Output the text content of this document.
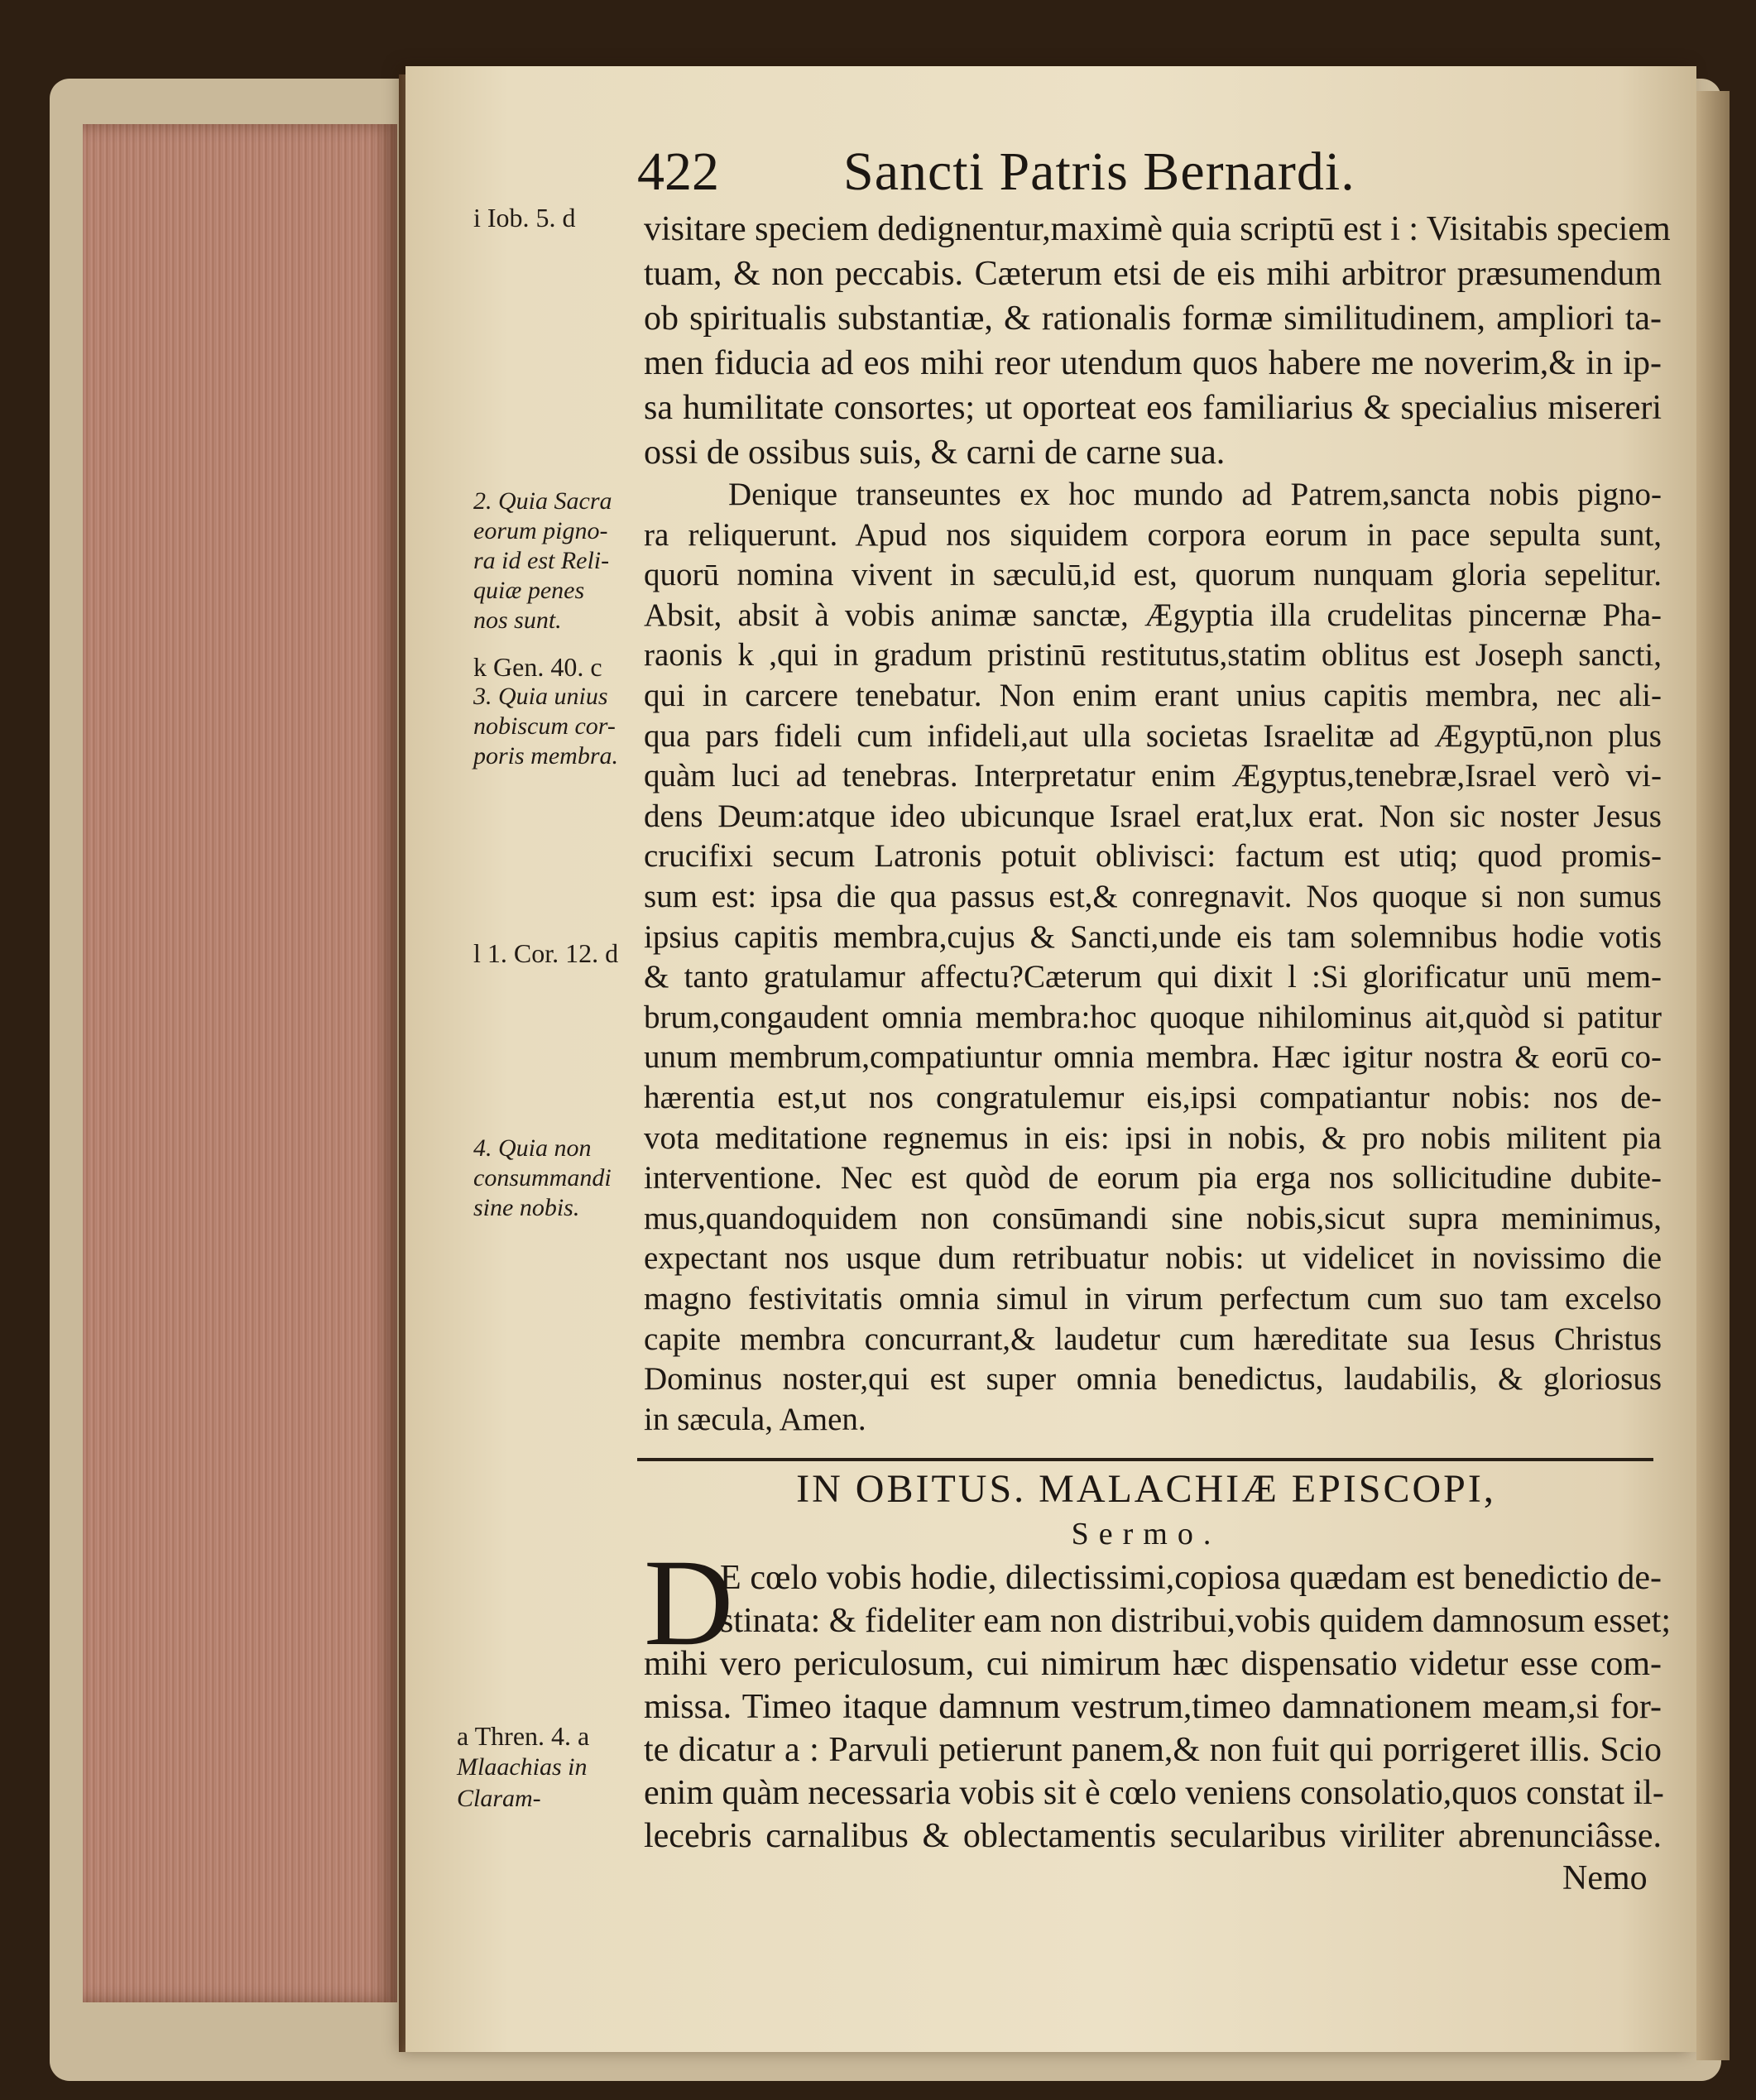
422 Sancti Patris Bernardi.
visitare speciem dedignentur,maximè quia scriptū est i : Visitabis speciem
tuam, & non peccabis. Cæterum etsi de eis mihi arbitror præsumendum
ob spiritualis substantiæ, & rationalis formæ similitudinem, ampliori ta-
men fiducia ad eos mihi reor utendum quos habere me noverim,& in ip-
sa humilitate consortes; ut oporteat eos familiarius & specialius misereri
ossi de ossibus suis, & carni de carne sua.
Denique transeuntes ex hoc mundo ad Patrem,sancta nobis pigno-
ra reliquerunt. Apud nos siquidem corpora eorum in pace sepulta sunt,
quorū nomina vivent in sæculū,id est, quorum nunquam gloria sepelitur.
Absit, absit à vobis animæ sanctæ, Ægyptia illa crudelitas pincernæ Pha-
raonis k ,qui in gradum pristinū restitutus,statim oblitus est Joseph sancti,
qui in carcere tenebatur. Non enim erant unius capitis membra, nec ali-
qua pars fideli cum infideli,aut ulla societas Israelitæ ad Ægyptū,non plus
quàm luci ad tenebras. Interpretatur enim Ægyptus,tenebræ,Israel verò vi-
dens Deum:atque ideo ubicunque Israel erat,lux erat. Non sic noster Jesus
crucifixi secum Latronis potuit oblivisci: factum est utiq; quod promis-
sum est: ipsa die qua passus est,& conregnavit. Nos quoque si non sumus
ipsius capitis membra,cujus & Sancti,unde eis tam solemnibus hodie votis
& tanto gratulamur affectu?Cæterum qui dixit l :Si glorificatur unū mem-
brum,congaudent omnia membra:hoc quoque nihilominus ait,quòd si patitur
unum membrum,compatiuntur omnia membra. Hæc igitur nostra & eorū co-
hærentia est,ut nos congratulemur eis,ipsi compatiantur nobis: nos de-
vota meditatione regnemus in eis: ipsi in nobis, & pro nobis militent pia
interventione. Nec est quòd de eorum pia erga nos sollicitudine dubite-
mus,quandoquidem non consūmandi sine nobis,sicut supra meminimus,
expectant nos usque dum retribuatur nobis: ut videlicet in novissimo die
magno festivitatis omnia simul in virum perfectum cum suo tam excelso
capite membra concurrant,& laudetur cum hæreditate sua Iesus Christus
Dominus noster,qui est super omnia benedictus, laudabilis, & gloriosus
in sæcula, Amen.
IN OBITUS. MALACHIÆ EPISCOPI,
Sermo.
D
E cœlo vobis hodie, dilectissimi,copiosa quædam est benedictio de-
stinata: & fideliter eam non distribui,vobis quidem damnosum esset;
mihi vero periculosum, cui nimirum hæc dispensatio videtur esse com-
missa. Timeo itaque damnum vestrum,timeo damnationem meam,si for-
te dicatur a : Parvuli petierunt panem,& non fuit qui porrigeret illis. Scio
enim quàm necessaria vobis sit è cœlo veniens consolatio,quos constat il-
lecebris carnalibus & oblectamentis secularibus viriliter abrenunciâsse.
Nemo
i Iob. 5. d
2. Quia Sacra
eorum pigno-
ra id est Reli-
quiæ penes
nos sunt.
k Gen. 40. c
3. Quia unius
nobiscum cor-
poris membra.
l 1. Cor. 12. d
4. Quia non
consummandi
sine nobis.
a Thren. 4. a
Mlaachias in
Claram-
